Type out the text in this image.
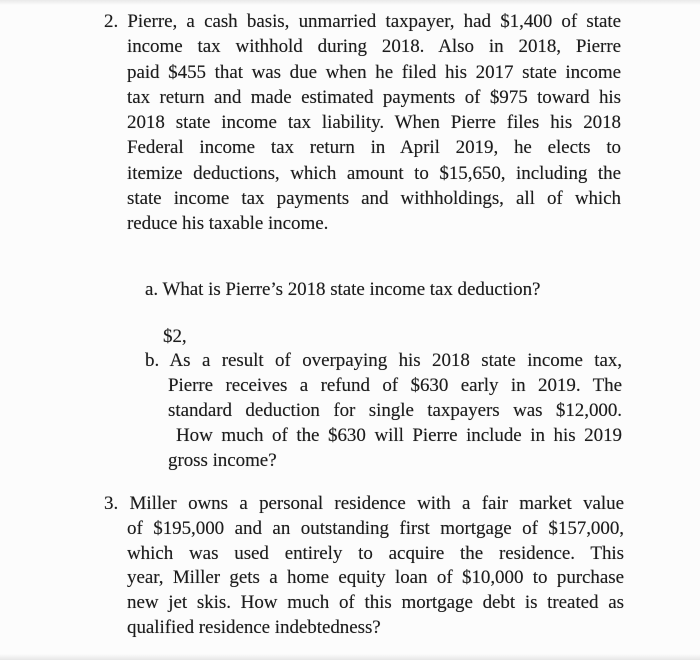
2. Pierre, a cash basis, unmarried taxpayer, had $1,400 of state
income tax withhold during 2018. Also in 2018, Pierre
paid $455 that was due when he filed his 2017 state income
tax return and made estimated payments of $975 toward his
2018 state income tax liability. When Pierre files his 2018
Federal income tax return in April 2019, he elects to
itemize deductions, which amount to $15,650, including the
state income tax payments and withholdings, all of which
reduce his taxable income.
a. What is Pierre’s 2018 state income tax deduction?
$2,
b. As a result of overpaying his 2018 state income tax,
Pierre receives a refund of $630 early in 2019. The
standard deduction for single taxpayers was $12,000.
How much of the $630 will Pierre include in his 2019
gross income?
3. Miller owns a personal residence with a fair market value
of $195,000 and an outstanding first mortgage of $157,000,
which was used entirely to acquire the residence. This
year, Miller gets a home equity loan of $10,000 to purchase
new jet skis. How much of this mortgage debt is treated as
qualified residence indebtedness?
